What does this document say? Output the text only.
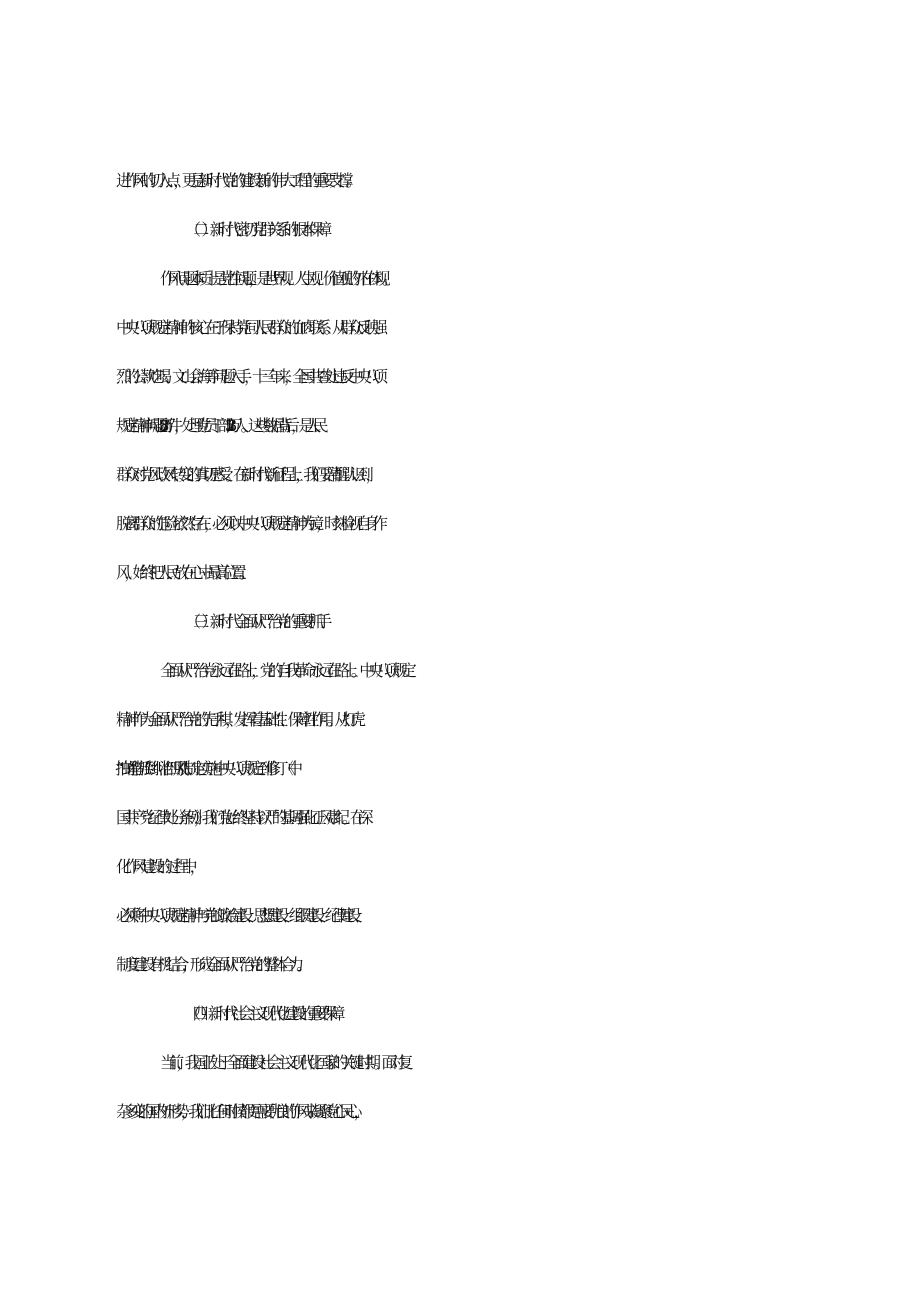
进作风的切入点，更是新时代党的建设新的伟大工程的重要支撑。

（二）新时代密切党群关系的根本保障

作风问题本质上是党性问题，是世界观、人生观、价值观的外在体现。

中央八项规定精神的核心在于保持党同人民群众的血肉联系。从群众反映强

烈的公款吃喝、文山会海等问题入手，十三年来，全国共查处违反中央八项

规定精神问题87.5万件，处理党员干部123.5万人。这些数据背后，是人民

群众对党风政风转变的真切感受。在新时代新征程上，我们要清醒认识到，

脱离群众的危险依然存在，必须以中央八项规定精神为镜，时刻检视自身作

风，始终把人民放在心中最高位置。

（三）新时代全面从严治党的重要抓手

全面从严治党永远在路上，党的自我革命永远在路上。中央八项规定

精神作为全面从严治党的先手棋，发挥着基础性、保障性作用。从“打虎

““拍蝇““猎狐“到纠治“四风”,从制定实施中央八项规定到修订《中

国共产党纪律处分条例》，我们党始终坚持以严的基调强化正风肃纪。在深

化作风建设的过程中，

必须将中央八项规定精神与党的政治建设、思想建设、组织建设、纪律建设、

制度建设有机结合，形成全面从严治党的整体合力。

（四）新时代社会主义现代化建设的重要保障

当前，我国正处于全面建设社会主义现代化国家的关键时期。面对复

杂多变的国内外形势，我们比任何时候都更需要优良的作风来凝聚党心民心，
